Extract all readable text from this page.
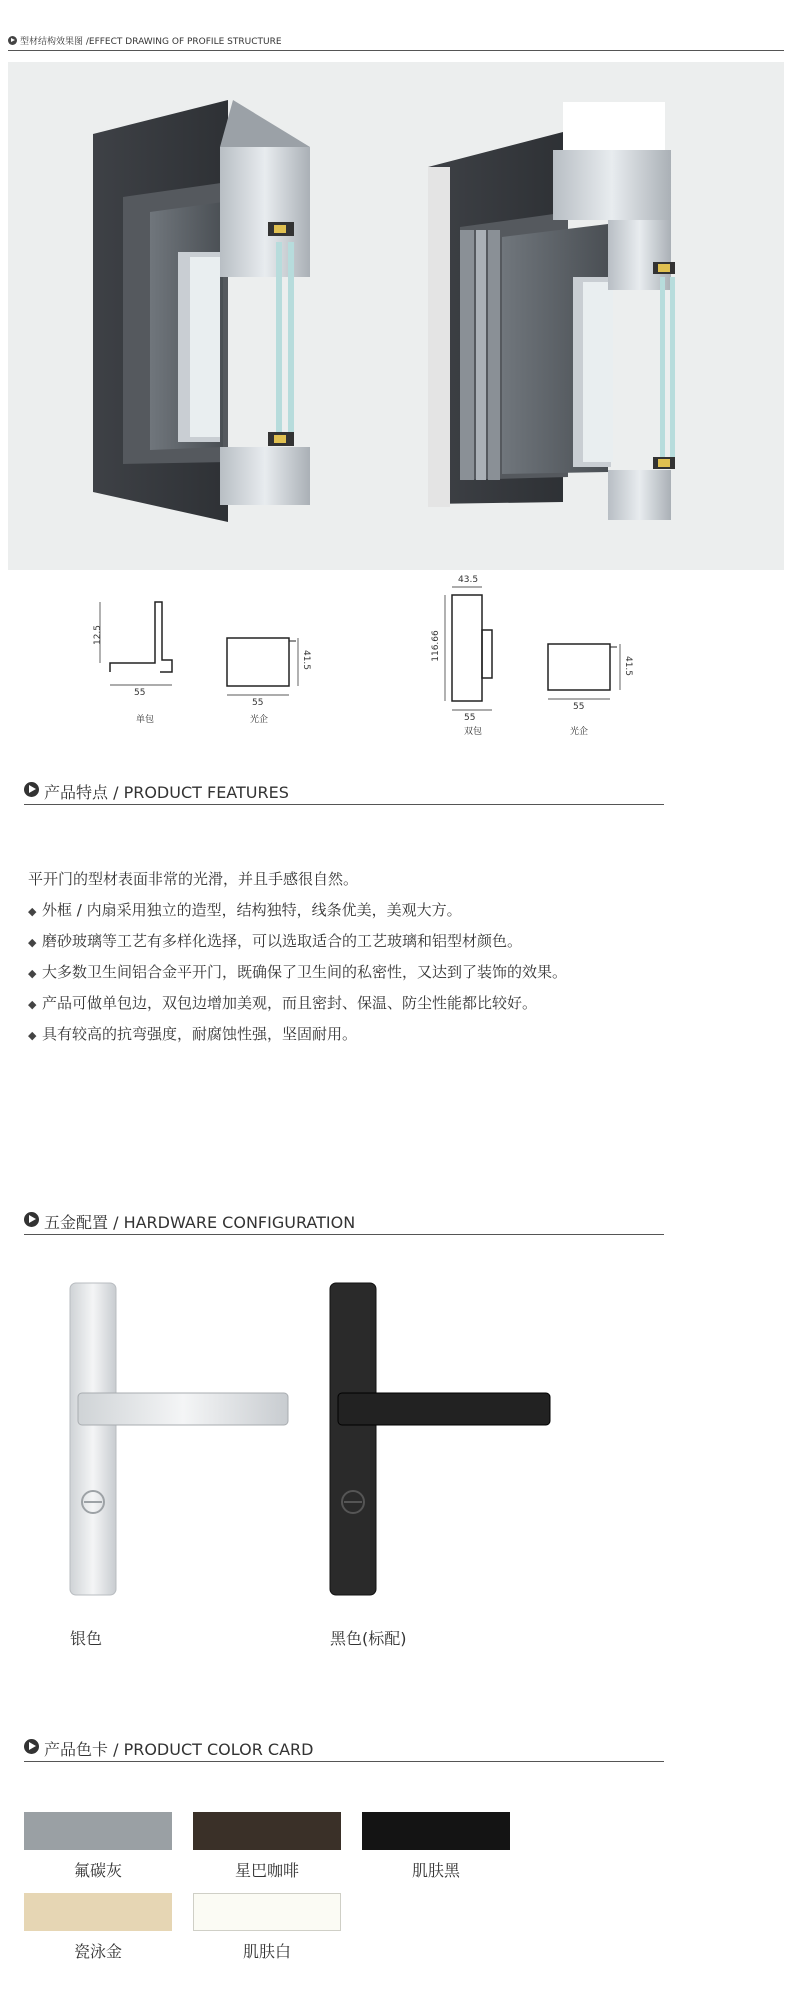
型材结构效果图 /EFFECT DRAWING OF PROFILE STRUCTURE
12.5
55
单包
41.5
55
光企
43.5
116.66
55
双包
41.5
55
光企
产品特点 / PRODUCT FEATURES
平开门的型材表面非常的光滑，并且手感很自然。
◆ 外框 / 内扇采用独立的造型，结构独特，线条优美，美观大方。
◆ 磨砂玻璃等工艺有多样化选择，可以选取适合的工艺玻璃和铝型材颜色。
◆ 大多数卫生间铝合金平开门，既确保了卫生间的私密性，又达到了装饰的效果。
◆ 产品可做单包边，双包边增加美观，而且密封、保温、防尘性能都比较好。
◆ 具有较高的抗弯强度，耐腐蚀性强，坚固耐用。
五金配置 / HARDWARE CONFIGURATION
银色	黑色(标配)
产品色卡 / PRODUCT COLOR CARD
氟碳灰	星巴咖啡	肌肤黑
瓷泳金	肌肤白
